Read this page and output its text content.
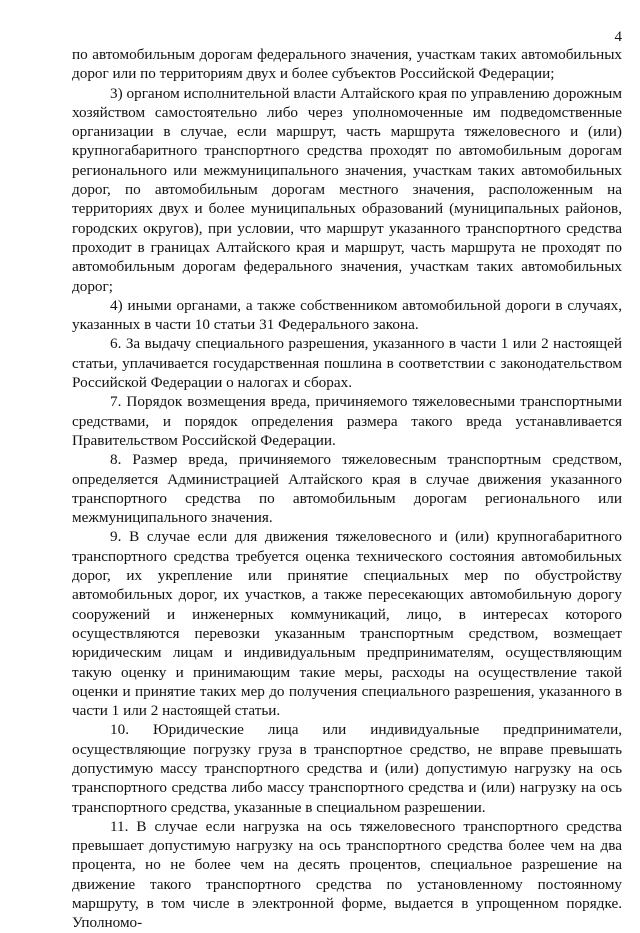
4

по автомобильным дорогам федерального значения, участкам таких автомобильных дорог или по территориям двух и более субъектов Российской Федерации;

3) органом исполнительной власти Алтайского края по управлению дорожным хозяйством самостоятельно либо через уполномоченные им подведомственные организации в случае, если маршрут, часть маршрута тяжеловесного и (или) крупногабаритного транспортного средства проходят по автомобильным дорогам регионального или межмуниципального значения, участкам таких автомобильных дорог, по автомобильным дорогам местного значения, расположенным на территориях двух и более муниципальных образований (муниципальных районов, городских округов), при условии, что маршрут указанного транспортного средства проходит в границах Алтайского края и маршрут, часть маршрута не проходят по автомобильным дорогам федерального значения, участкам таких автомобильных дорог;

4) иными органами, а также собственником автомобильной дороги в случаях, указанных в части 10 статьи 31 Федерального закона.

6. За выдачу специального разрешения, указанного в части 1 или 2 настоящей статьи, уплачивается государственная пошлина в соответствии с законодательством Российской Федерации о налогах и сборах.

7. Порядок возмещения вреда, причиняемого тяжеловесными транспортными средствами, и порядок определения размера такого вреда устанавливается Правительством Российской Федерации.

8. Размер вреда, причиняемого тяжеловесным транспортным средством, определяется Администрацией Алтайского края в случае движения указанного транспортного средства по автомобильным дорогам регионального или межмуниципального значения.

9. В случае если для движения тяжеловесного и (или) крупногабаритного транспортного средства требуется оценка технического состояния автомобильных дорог, их укрепление или принятие специальных мер по обустройству автомобильных дорог, их участков, а также пересекающих автомобильную дорогу сооружений и инженерных коммуникаций, лицо, в интересах которого осуществляются перевозки указанным транспортным средством, возмещает юридическим лицам и индивидуальным предпринимателям, осуществляющим такую оценку и принимающим такие меры, расходы на осуществление такой оценки и принятие таких мер до получения специального разрешения, указанного в части 1 или 2 настоящей статьи.

10. Юридические лица или индивидуальные предприниматели, осуществляющие погрузку груза в транспортное средство, не вправе превышать допустимую массу транспортного средства и (или) допустимую нагрузку на ось транспортного средства либо массу транспортного средства и (или) нагрузку на ось транспортного средства, указанные в специальном разрешении.

11. В случае если нагрузка на ось тяжеловесного транспортного средства превышает допустимую нагрузку на ось транспортного средства более чем на два процента, но не более чем на десять процентов, специальное разрешение на движение такого транспортного средства по установленному постоянному маршруту, в том числе в электронной форме, выдается в упрощенном порядке. Уполномо-
